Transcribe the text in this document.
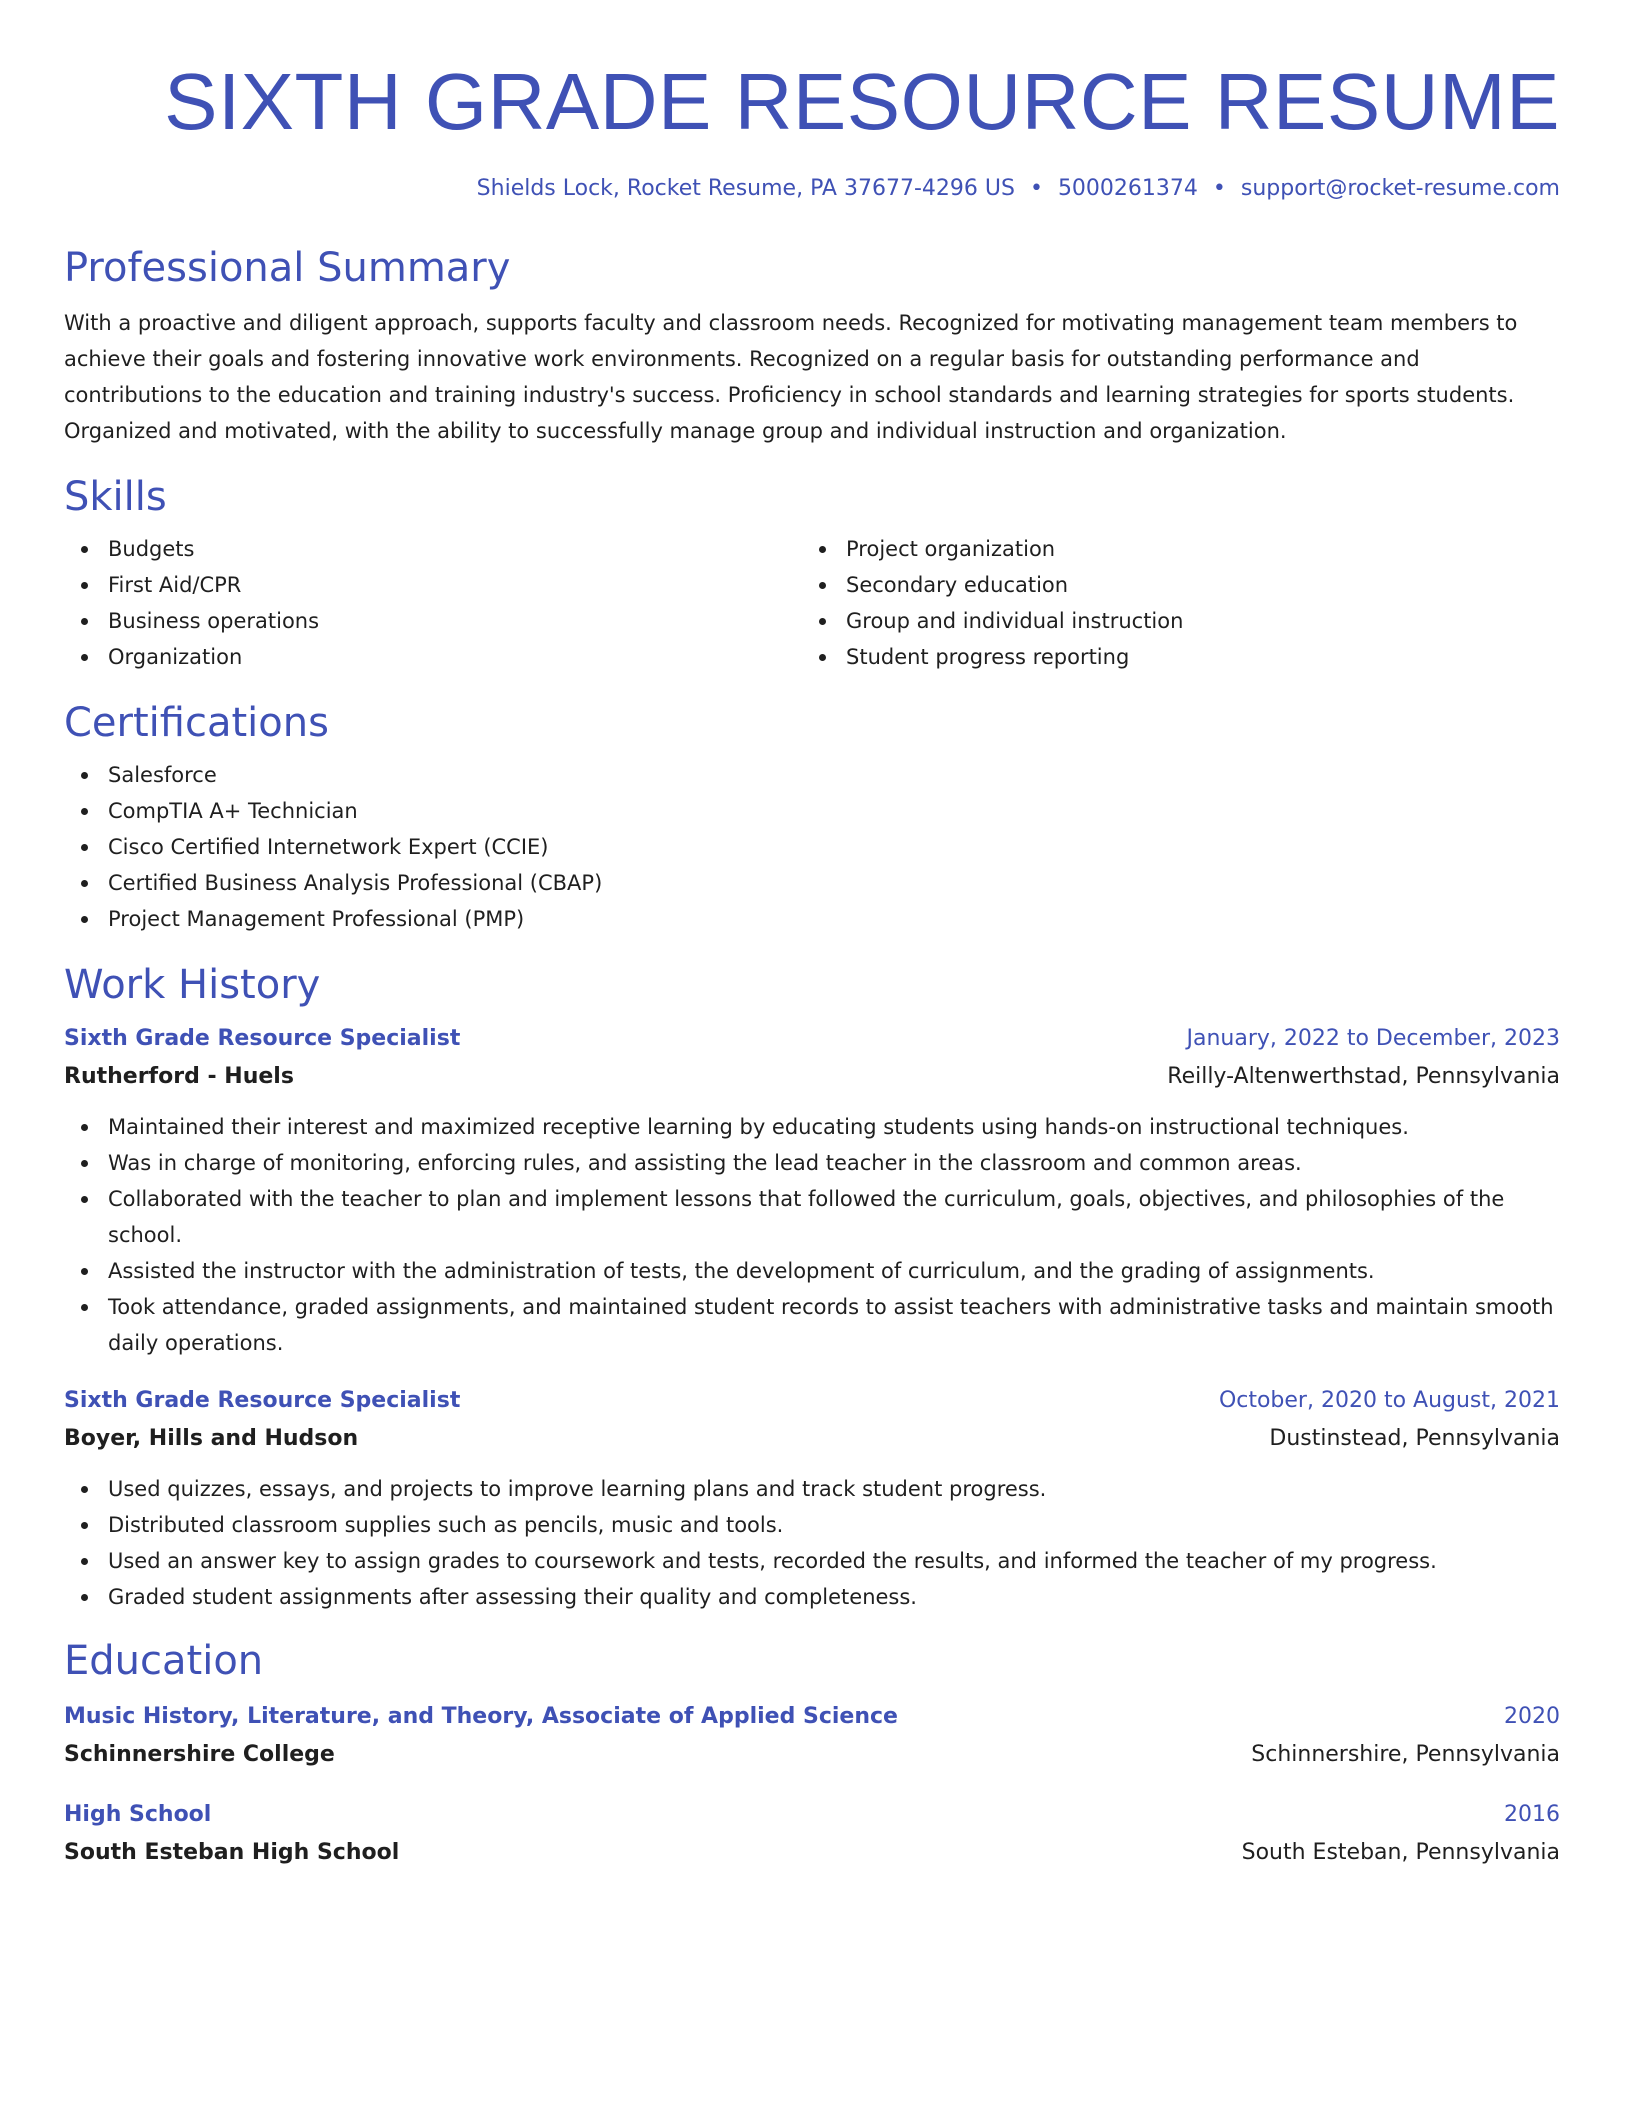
SIXTH GRADE RESOURCE RESUME
Shields Lock, Rocket Resume, PA 37677-4296 US • 5000261374 • support@rocket-resume.com
Professional Summary

With a proactive and diligent approach, supports faculty and classroom needs. Recognized for motivating management team members to achieve their goals and fostering innovative work environments. Recognized on a regular basis for outstanding performance and contributions to the education and training industry's success. Proficiency in school standards and learning strategies for sports students. Organized and motivated, with the ability to successfully manage group and individual instruction and organization.

Skills
Budgets
First Aid/CPR
Business operations
Organization
Project organization
Secondary education
Group and individual instruction
Student progress reporting
Certifications
Salesforce
CompTIA A+ Technician
Cisco Certified Internetwork Expert (CCIE)
Certified Business Analysis Professional (CBAP)
Project Management Professional (PMP)
Work History
Sixth Grade Resource Specialist	January, 2022 to December, 2023
Rutherford - Huels	Reilly-Altenwerthstad, Pennsylvania
Maintained their interest and maximized receptive learning by educating students using hands-on instructional techniques.
Was in charge of monitoring, enforcing rules, and assisting the lead teacher in the classroom and common areas.
Collaborated with the teacher to plan and implement lessons that followed the curriculum, goals, objectives, and philosophies of the school.
Assisted the instructor with the administration of tests, the development of curriculum, and the grading of assignments.
Took attendance, graded assignments, and maintained student records to assist teachers with administrative tasks and maintain smooth daily operations.
Sixth Grade Resource Specialist	October, 2020 to August, 2021
Boyer, Hills and Hudson	Dustinstead, Pennsylvania
Used quizzes, essays, and projects to improve learning plans and track student progress.
Distributed classroom supplies such as pencils, music and tools.
Used an answer key to assign grades to coursework and tests, recorded the results, and informed the teacher of my progress.
Graded student assignments after assessing their quality and completeness.
Education
Music History, Literature, and Theory, Associate of Applied Science	2020
Schinnershire College	Schinnershire, Pennsylvania
High School	2016
South Esteban High School	South Esteban, Pennsylvania
